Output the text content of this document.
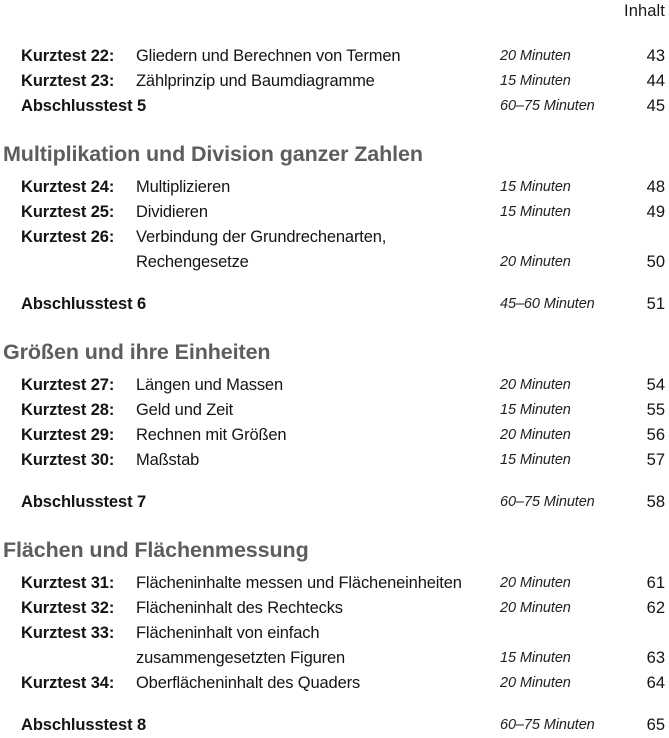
Inhalt
Kurztest 22: Gliedern und Berechnen von Termen	20 Minuten	43
Kurztest 23: Zählprinzip und Baumdiagramme	15 Minuten	44
Abschlusstest 5	60–75 Minuten	45
Multiplikation und Division ganzer Zahlen
Kurztest 24: Multiplizieren	15 Minuten	48
Kurztest 25: Dividieren	15 Minuten	49
Kurztest 26: Verbindung der Grundrechenarten,
Rechengesetze	20 Minuten	50
Abschlusstest 6	45–60 Minuten	51
Größen und ihre Einheiten
Kurztest 27: Längen und Massen	20 Minuten	54
Kurztest 28: Geld und Zeit	15 Minuten	55
Kurztest 29: Rechnen mit Größen	20 Minuten	56
Kurztest 30: Maßstab	15 Minuten	57
Abschlusstest 7	60–75 Minuten	58
Flächen und Flächenmessung
Kurztest 31: Flächeninhalte messen und Flächeneinheiten	20 Minuten	61
Kurztest 32: Flächeninhalt des Rechtecks	20 Minuten	62
Kurztest 33: Flächeninhalt von einfach
zusammengesetzten Figuren	15 Minuten	63
Kurztest 34: Oberflächeninhalt des Quaders	20 Minuten	64
Abschlusstest 8	60–75 Minuten	65
